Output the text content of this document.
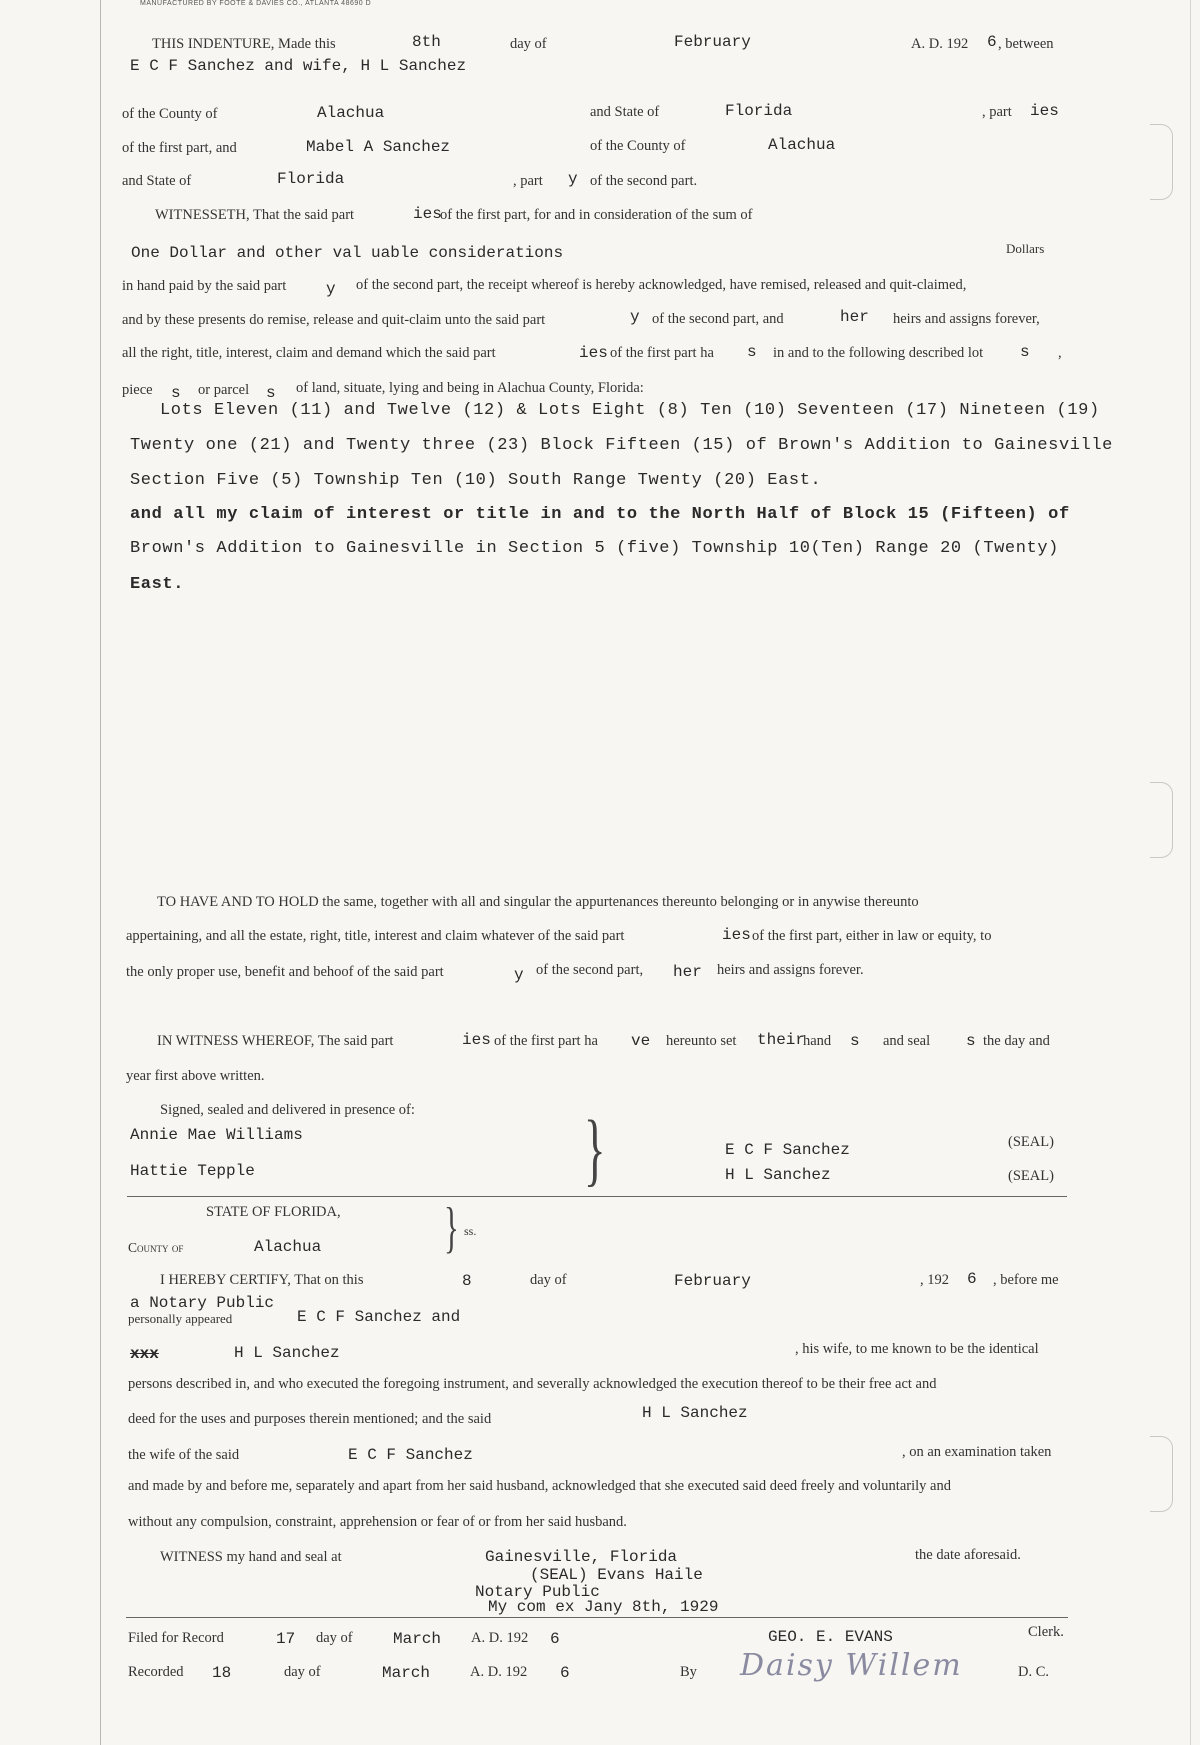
MANUFACTURED BY FOOTE & DAVIES CO., ATLANTA 48690 D
THIS INDENTURE, Made this	8th	day of	February	A. D. 192 6 , between
E C F Sanchez and wife, H L Sanchez
of the County of	Alachua	and State of	Florida	, part ies
of the first part, and	Mabel A Sanchez	of the County of	Alachua
and State of	Florida	, part y of the second part.
WITNESSETH, That the said part	ies
of the first part, for and in consideration of the sum of
One Dollar and other val uable considerations	Dollars
in hand paid by the said part y of the second part, the receipt whereof is hereby acknowledged, have remised, released and quit-claimed,
and by these presents do remise, release and quit-claim unto the said part	y of the second part, and	her heirs and assigns forever,
all the right, title, interest, claim and demand which the said part	ies of the first part ha s in and to the following described lot s ,
piece s or parcel s of land, situate, lying and being in Alachua County, Florida:
Lots Eleven (11) and Twelve (12) & Lots Eight (8) Ten (10) Seventeen (17) Nineteen (19)
Twenty one (21) and Twenty three (23) Block Fifteen (15) of Brown's Addition to Gainesville
Section Five (5) Township Ten (10) South Range Twenty (20) East.
and all my claim of interest or title in and to the North Half of Block 15 (Fifteen) of
Brown's Addition to Gainesville in Section 5 (five) Township 10(Ten) Range 20 (Twenty)
East.
TO HAVE AND TO HOLD the same, together with all and singular the appurtenances thereunto belonging or in anywise thereunto
appertaining, and all the estate, right, title, interest and claim whatever of the said part	ies of the first part, either in law or equity, to
the only proper use, benefit and behoof of the said part	y of the second part, her heirs and assigns forever.
IN WITNESS WHEREOF, The said part	ies of the first part ha ve hereunto set their
hand s and seal s the day and
year first above written.
Signed, sealed and delivered in presence of:
Annie Mae Williams
Hattie Tepple	}	E C F Sanchez
H L Sanchez
(SEAL)
(SEAL)
STATE OF FLORIDA,
County of	Alachua } ss.
I HEREBY CERTIFY, That on this	8	day of	February	, 192 6 , before me
a Notary Public
personally appeared	E C F Sanchez and
xxx	H L Sanchez	, his wife, to me known to be the identical
persons described in, and who executed the foregoing instrument, and severally acknowledged the execution thereof to be their free act and
deed for the uses and purposes therein mentioned; and the said	H L Sanchez
the wife of the said	E C F Sanchez	, on an examination taken
and made by and before me, separately and apart from her said husband, acknowledged that she executed said deed freely and voluntarily and
without any compulsion, constraint, apprehension or fear of or from her said husband.
WITNESS my hand and seal at	Gainesville, Florida	the date aforesaid.
(SEAL) Evans Haile
Notary Public
My com ex Jany 8th, 1929
Filed for Record	17 day of	March A. D. 192 6	GEO. E. EVANS	Clerk.
Recorded 18	day of	March	A. D. 192 6	By Daisy Willem	D. C.
